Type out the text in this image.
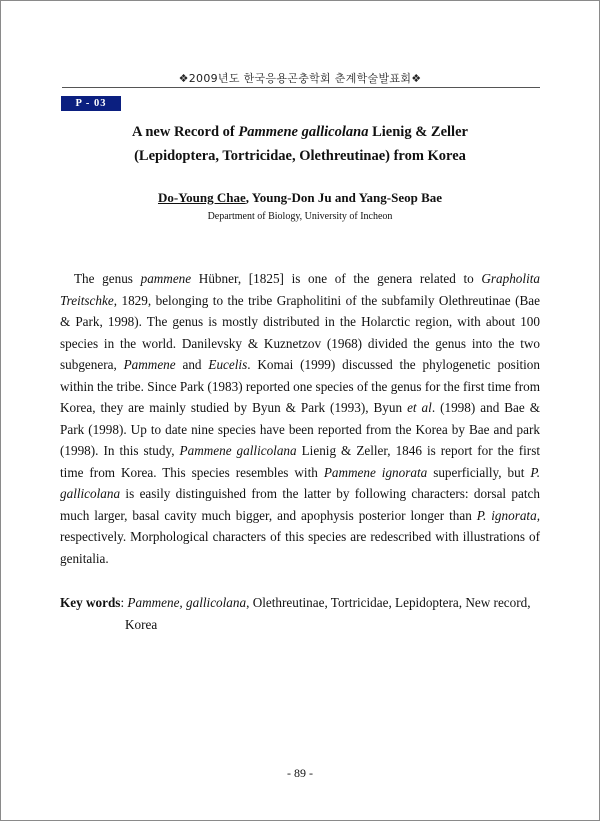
❖2009년도 한국응용곤충학회 춘계학술발표회❖
P - 03
A new Record of Pammene gallicolana Lienig & Zeller
(Lepidoptera, Tortricidae, Olethreutinae) from Korea
Do-Young Chae, Young-Don Ju and Yang-Seop Bae
Department of Biology, University of Incheon
The genus pammene Hübner, [1825] is one of the genera related to Grapholita Treitschke, 1829, belonging to the tribe Grapholitini of the subfamily Olethreutinae (Bae & Park, 1998). The genus is mostly distributed in the Holarctic region, with about 100 species in the world. Danilevsky & Kuznetzov (1968) divided the genus into the two subgenera, Pammene and Eucelis. Komai (1999) discussed the phylogenetic position within the tribe. Since Park (1983) reported one species of the genus for the first time from Korea, they are mainly studied by Byun & Park (1993), Byun et al. (1998) and Bae & Park (1998). Up to date nine species have been reported from the Korea by Bae and park (1998). In this study, Pammene gallicolana Lienig & Zeller, 1846 is report for the first time from Korea. This species resembles with Pammene ignorata superficially, but P. gallicolana is easily distinguished from the latter by following characters: dorsal patch much larger, basal cavity much bigger, and apophysis posterior longer than P. ignorata, respectively. Morphological characters of this species are redescribed with illustrations of genitalia.
Key words: Pammene, gallicolana, Olethreutinae, Tortricidae, Lepidoptera, New record,
Korea
- 89 -
